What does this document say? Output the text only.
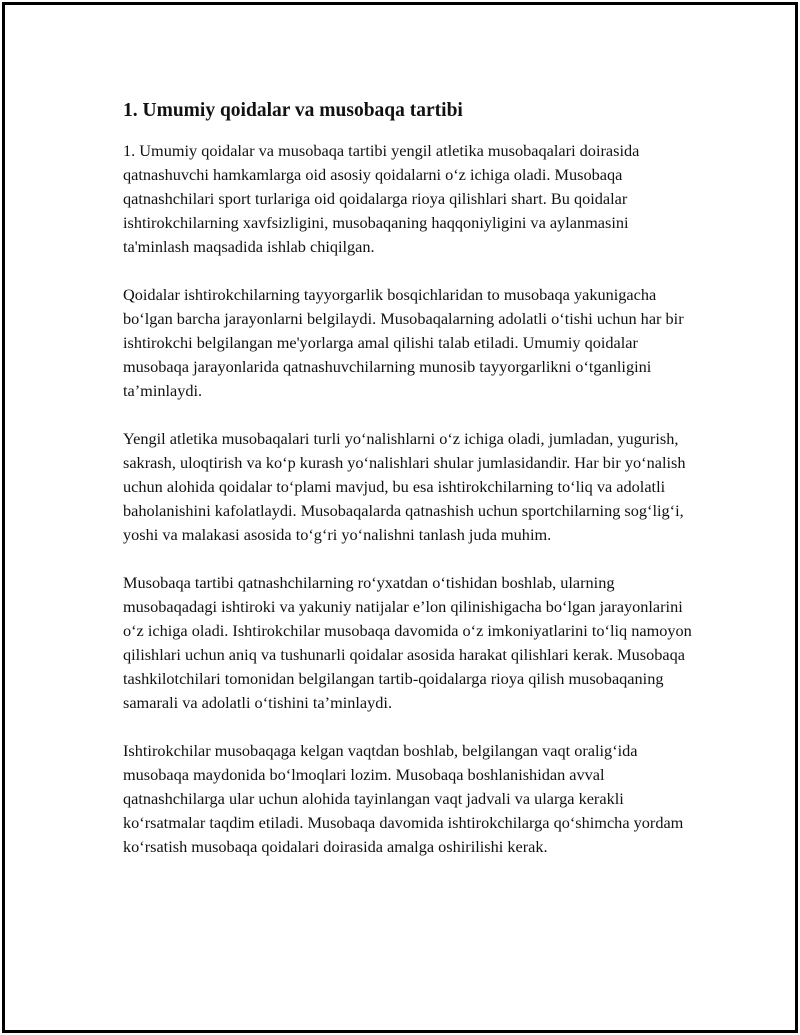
1. Umumiy qoidalar va musobaqa tartibi

1. Umumiy qoidalar va musobaqa tartibi yengil atletika musobaqalari doirasida qatnashuvchi hamkamlarga oid asosiy qoidalarni o‘z ichiga oladi. Musobaqa qatnashchilari sport turlariga oid qoidalarga rioya qilishlari shart. Bu qoidalar ishtirokchilarning xavfsizligini, musobaqaning haqqoniyligini va aylanmasini ta'minlash maqsadida ishlab chiqilgan.

Qoidalar ishtirokchilarning tayyorgarlik bosqichlaridan to musobaqa yakunigacha bo‘lgan barcha jarayonlarni belgilaydi. Musobaqalarning adolatli o‘tishi uchun har bir ishtirokchi belgilangan me'yorlarga amal qilishi talab etiladi. Umumiy qoidalar musobaqa jarayonlarida qatnashuvchilarning munosib tayyorgarlikni o‘tganligini ta’minlaydi.

Yengil atletika musobaqalari turli yo‘nalishlarni o‘z ichiga oladi, jumladan, yugurish, sakrash, uloqtirish va ko‘p kurash yo‘nalishlari shular jumlasidandir. Har bir yo‘nalish uchun alohida qoidalar to‘plami mavjud, bu esa ishtirokchilarning to‘liq va adolatli baholanishini kafolatlaydi. Musobaqalarda qatnashish uchun sportchilarning sog‘lig‘i, yoshi va malakasi asosida to‘g‘ri yo‘nalishni tanlash juda muhim.

Musobaqa tartibi qatnashchilarning ro‘yxatdan o‘tishidan boshlab, ularning musobaqadagi ishtiroki va yakuniy natijalar e’lon qilinishigacha bo‘lgan jarayonlarini o‘z ichiga oladi. Ishtirokchilar musobaqa davomida o‘z imkoniyatlarini to‘liq namoyon qilishlari uchun aniq va tushunarli qoidalar asosida harakat qilishlari kerak. Musobaqa tashkilotchilari tomonidan belgilangan tartib-qoidalarga rioya qilish musobaqaning samarali va adolatli o‘tishini ta’minlaydi.

Ishtirokchilar musobaqaga kelgan vaqtdan boshlab, belgilangan vaqt oralig‘ida musobaqa maydonida bo‘lmoqlari lozim. Musobaqa boshlanishidan avval qatnashchilarga ular uchun alohida tayinlangan vaqt jadvali va ularga kerakli ko‘rsatmalar taqdim etiladi. Musobaqa davomida ishtirokchilarga qo‘shimcha yordam ko‘rsatish musobaqa qoidalari doirasida amalga oshirilishi kerak.
